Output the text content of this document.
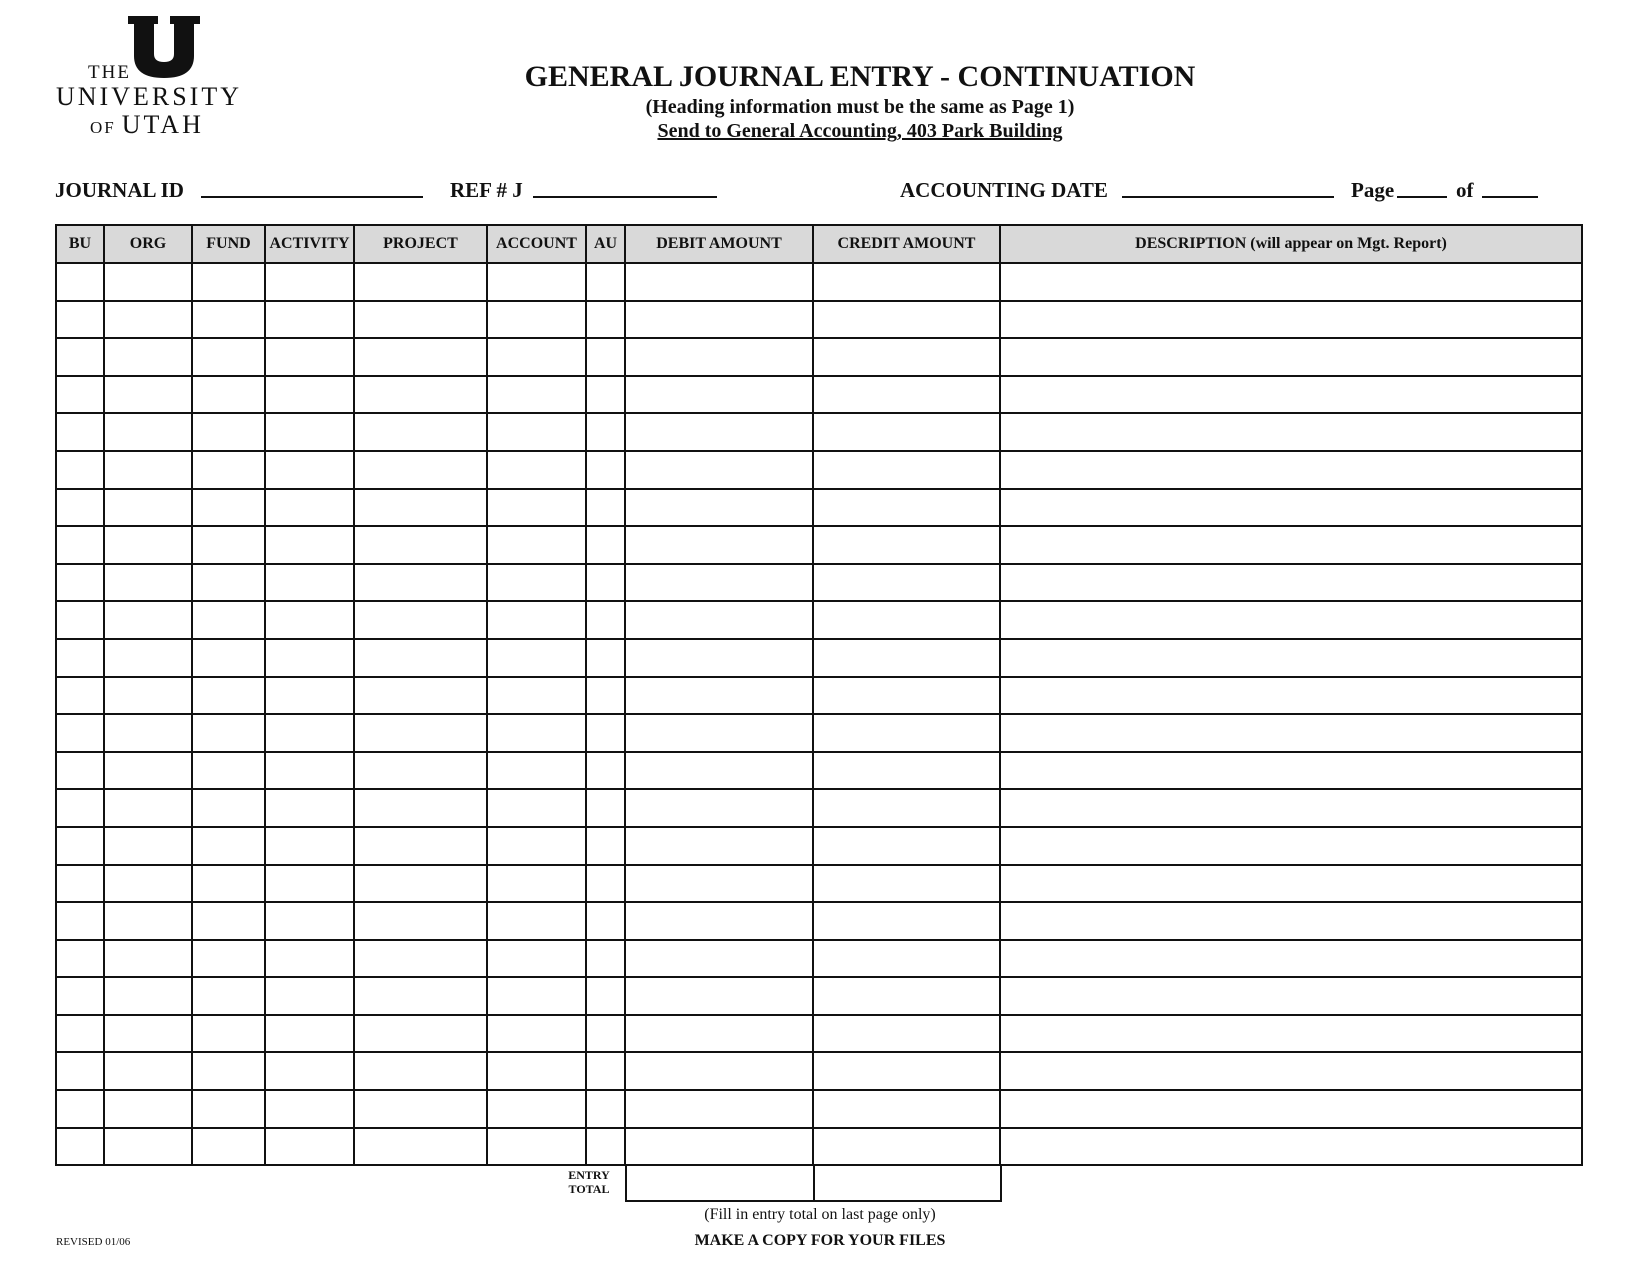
THE
UNIVERSITY
OF UTAH
GENERAL JOURNAL ENTRY - CONTINUATION
(Heading information must be the same as Page 1)
Send to General Accounting, 403 Park Building
JOURNAL ID	REF # J	ACCOUNTING DATE	Page	of
BU	ORG	FUND	ACTIVITY	PROJECT	ACCOUNT	AU	DEBIT AMOUNT	CREDIT AMOUNT	DESCRIPTION (will appear on Mgt. Report)

ENTRY
TOTAL
(Fill in entry total on last page only)
MAKE A COPY FOR YOUR FILES
REVISED 01/06
